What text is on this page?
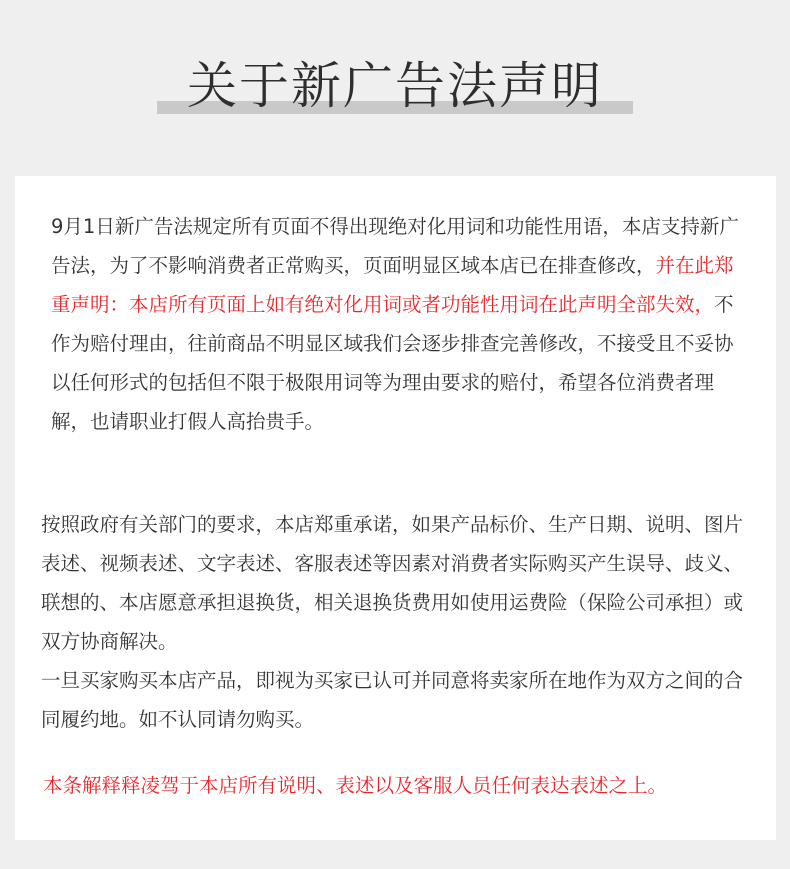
关于新广告法声明

9月1日新广告法规定所有页面不得出现绝对化用词和功能性用语，本店支持新广告法，为了不影响消费者正常购买，页面明显区域本店已在排查修改，并在此郑重声明：本店所有页面上如有绝对化用词或者功能性用词在此声明全部失效，不作为赔付理由，往前商品不明显区域我们会逐步排查完善修改，不接受且不妥协以任何形式的包括但不限于极限用词等为理由要求的赔付，希望各位消费者理解，也请职业打假人高抬贵手。

按照政府有关部门的要求，本店郑重承诺，如果产品标价、生产日期、说明、图片表述、视频表述、文字表述、客服表述等因素对消费者实际购买产生误导、歧义、联想的、本店愿意承担退换货，相关退换货费用如使用运费险（保险公司承担）或双方协商解决。

一旦买家购买本店产品，即视为买家已认可并同意将卖家所在地作为双方之间的合同履约地。如不认同请勿购买。

本条解释释凌驾于本店所有说明、表述以及客服人员任何表达表述之上。
